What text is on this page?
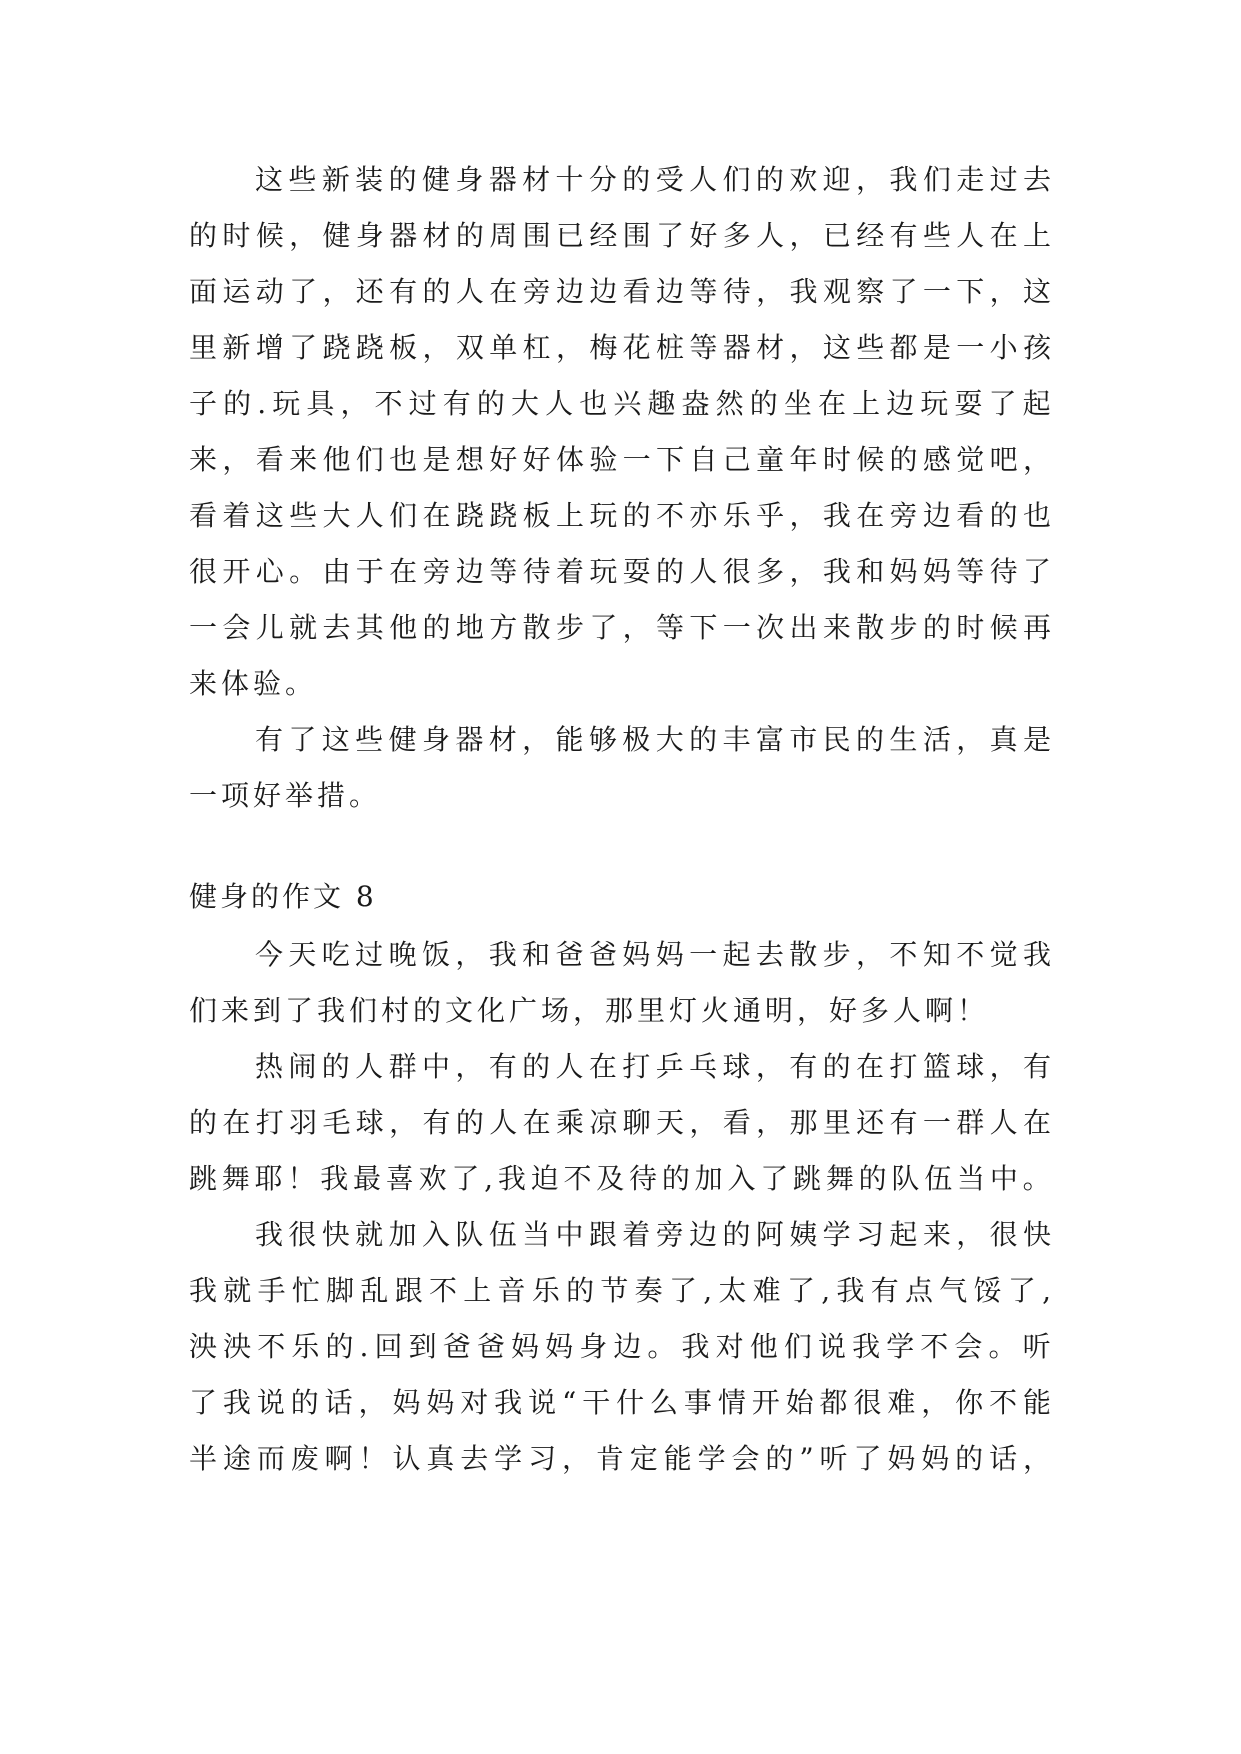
这 些 新 装 的 健 身 器 材 十 分 的 受 人 们 的 欢 迎 ， 我 们 走 过 去
的 时 候 ， 健 身 器 材 的 周 围 已 经 围 了 好 多 人 ， 已 经 有 些 人 在 上
面 运 动 了 ， 还 有 的 人 在 旁 边 边 看 边 等 待 ， 我 观 察 了 一 下 ， 这
里 新 增 了 跷 跷 板 ， 双 单 杠 ， 梅 花 桩 等 器 材 ， 这 些 都 是 一 小 孩
子 的 . 玩 具 ， 不 过 有 的 大 人 也 兴 趣 盎 然 的 坐 在 上 边 玩 耍 了 起
来 ， 看 来 他 们 也 是 想 好 好 体 验 一 下 自 己 童 年 时 候 的 感 觉 吧 ，
看 着 这 些 大 人 们 在 跷 跷 板 上 玩 的 不 亦 乐 乎 ， 我 在 旁 边 看 的 也
很 开 心 。 由 于 在 旁 边 等 待 着 玩 耍 的 人 很 多 ， 我 和 妈 妈 等 待 了
一 会 儿 就 去 其 他 的 地 方 散 步 了 ， 等 下 一 次 出 来 散 步 的 时 候 再
来体验。
有 了 这 些 健 身 器 材 ， 能 够 极 大 的 丰 富 市 民 的 生 活 ， 真 是
一项好举措。
健身的作文 8
今 天 吃 过 晚 饭 ， 我 和 爸 爸 妈 妈 一 起 去 散 步 ， 不 知 不 觉 我
们来到了我们村的文化广场，那里灯火通明，好多人啊！
热 闹 的 人 群 中 ， 有 的 人 在 打 乒 乓 球 ， 有 的 在 打 篮 球 ， 有
的 在 打 羽 毛 球 ， 有 的 人 在 乘 凉 聊 天 ， 看 ， 那 里 还 有 一 群 人 在
跳 舞 耶 ！ 我 最 喜 欢 了 , 我 迫 不 及 待 的 加 入 了 跳 舞 的 队 伍 当 中 。
我 很 快 就 加 入 队 伍 当 中 跟 着 旁 边 的 阿 姨 学 习 起 来 ， 很 快
我 就 手 忙 脚 乱 跟 不 上 音 乐 的 节 奏 了 , 太 难 了 , 我 有 点 气 馁 了 ,
泱 泱 不 乐 的 . 回 到 爸 爸 妈 妈 身 边 。 我 对 他 们 说 我 学 不 会 。 听
了 我 说 的 话 ， 妈 妈 对 我 说 “ 干 什 么 事 情 开 始 都 很 难 ， 你 不 能
半 途 而 废 啊 ！ 认 真 去 学 习 ， 肯 定 能 学 会 的 ” 听 了 妈 妈 的 话 ，
